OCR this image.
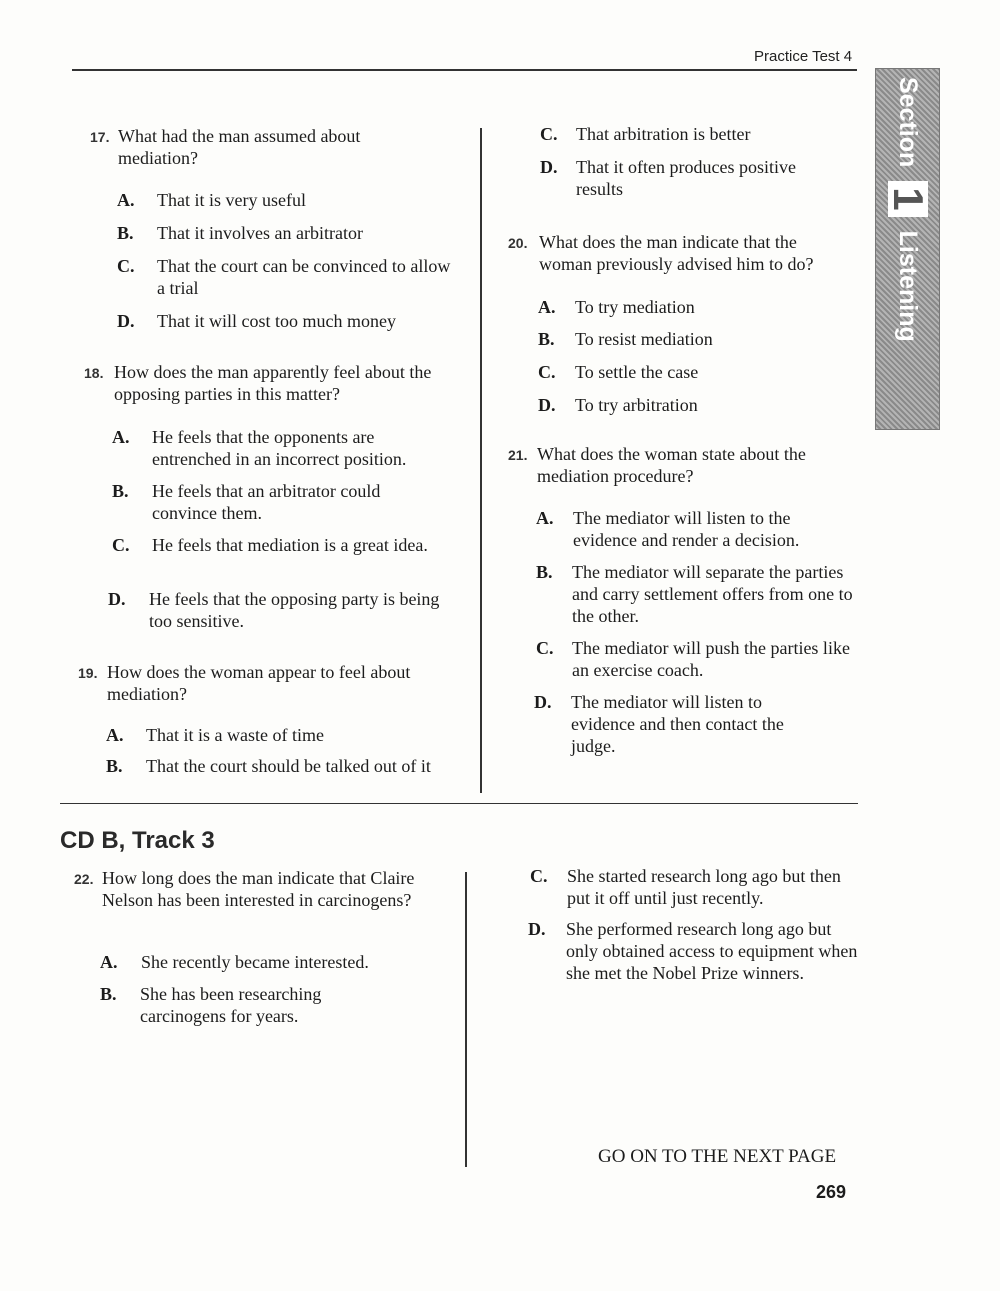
Practice Test 4
Section
1
Listening
17. What had the man assumed about mediation?
A. That it is very useful
B. That it involves an arbitrator
C. That the court can be convinced to allow a trial
D. That it will cost too much money
18. How does the man apparently feel about the opposing parties in this matter?
A. He feels that the opponents are entrenched in an incorrect position.
B. He feels that an arbitrator could convince them.
C. He feels that mediation is a great idea.
D. He feels that the opposing party is being too sensitive.
19. How does the woman appear to feel about mediation?
A. That it is a waste of time
B. That the court should be talked out of it
C. That arbitration is better
D. That it often produces positive results
20. What does the man indicate that the woman previously advised him to do?
A. To try mediation
B. To resist mediation
C. To settle the case
D. To try arbitration
21. What does the woman state about the mediation procedure?
A. The mediator will listen to the evidence and render a decision.
B. The mediator will separate the parties and carry settlement offers from one to the other.
C. The mediator will push the parties like an exercise coach.
D. The mediator will listen to evidence and then contact the judge.
CD B, Track 3
22. How long does the man indicate that Claire Nelson has been interested in carcinogens?
A. She recently became interested.
B. She has been researching carcinogens for years.
C. She started research long ago but then put it off until just recently.
D. She performed research long ago but only obtained access to equipment when she met the Nobel Prize winners.
GO ON TO THE NEXT PAGE
269
